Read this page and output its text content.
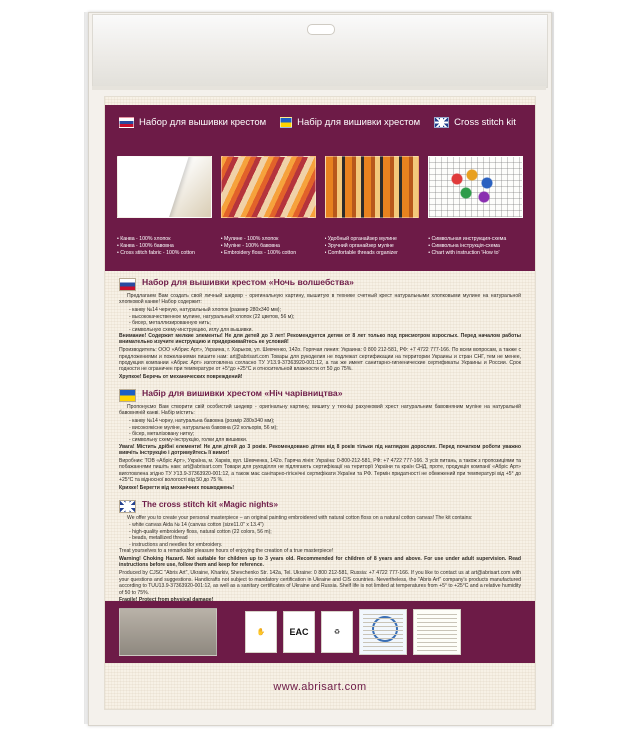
Набор для вышивки крестом	Набір для вишивки хрестом	Cross stitch kit
• Канва - 100% хлопок
• Канва - 100% бавовна
• Cross stitch fabric - 100% cotton
• Мулине - 100% хлопок
• Муліне - 100% бавовна
• Embroidery floss - 100% cotton
• Удобный органайзер мулине
• Зручний органайзер муліне
• Comfortable threads organizer
• Символьная инструкция-схема
• Символьна інструкція-схема
• Chart with instruction 'How to'
Набор для вышивки крестом «Ночь волшебства»

Предлагаем Вам создать свой личный шедевр - оригинальную картину, вышитую в технике счетный крест натуральными хлопковыми мулине на натуральной хлопковой канве! Набор содержит:

- канву №14 черную, натуральный хлопок (размер 280х340 мм);

- высококачественное мулине, натуральный хлопок (22 цветов, 56 м);

- бисер, металлизированную нить;

- символьную схему-инструкцию, иглу для вышивки.

Внимание! Содержит мелкие элементы! Не для детей до 3 лет! Рекомендуется детям от 8 лет только под присмотром взрослых. Перед началом работы внимательно изучите инструкцию и придерживайтесь ее условий!

Производитель: ООО «Абрис Арт», Украина, г. Харьков, ул. Шевченко, 142о. Горячая линия: Украина: 0 800 212-581, РФ: +7 4722 777-166. По всем вопросам, а также с предложениями и пожеланиями пишите нам: art@abrisart.com Товары для рукоделия не подлежат сертификации на территории Украины и стран СНГ, тем не менее, продукция компании «Абрис Арт» изготовлена согласно ТУ У13.9-37363920-001:12, а так же имеет санитарно-гигиенические сертификаты Украины и России. Срок годности не ограничен при температуре от +5°до +25°C и относительной влажности от 50 до 75%.

Хрупкое! Беречь от механических повреждений!

Набір для вишивки хрестом «Ніч чарівництва»

Пропонуємо Вам створити свій особистий шедевр - оригінальну картину, вишиту у техніці рахунковий хрест натуральним бавовняним муліне на натуральній бавовняній канві. Набір містить:

- канву №14 чорну, натуральна бавовна (розмір 280х340 мм);

- високоякісне муліне, натуральна бавовна (22 кольорів, 56 м);

- бісер, металізовану нитку;

- символьну схему-інструкцію, голки для вишивки.

Увага! Містить дрібні елементи! Не для дітей до 3 років. Рекомендовано дітям від 8 років тільки під наглядом дорослих. Перед початком роботи уважно вивчіть інструкцію і дотримуйтесь її вимог!

Виробник: ТОВ «Абріс Арт», Україна, м. Харків, вул. Шевченка, 142о. Гаряча лінія: Україна: 0-800-212-581, РФ: +7 4722 777-166. З усіх питань, а також з пропозиціями та побажаннями пишіть нам: art@abrisart.com Товари для рукоділля не підлягають сертифікації на території України та країн СНД, проте, продукція компанії «Абріс Арт» виготовлена згідно ТУ У13.9-37363920-001:12, а також має санітарно-гігієнічні сертифікати України та РФ. Термін придатності не обмежений при температурі від +5° до +25°C та відносної вологості від 50 до 75 %.

Крихке! Берегти від механічних пошкоджень!

The cross stitch kit «Magic nights»

We offer you to create your personal masterpiece – an original painting embroidered with natural cotton floss on a natural cotton canvas! The kit contains:

- white canvas Aida № 14 (canvas cotton (size11.0" x 13.4")

- high-quality embroidery floss, natural cotton (22 colors, 56 m);

- beads, metallized thread

- instructions and needles for embroidery.

Treat yourselves to a remarkable pleasure hours of enjoying the creation of a true masterpiece!

Warning! Choking Hazard. Not suitable for children up to 3 years old. Recommended for children of 8 years and above. For use under adult supervision. Read instructions before use, follow them and keep for reference.

Produced by CJSC "Abris Art", Ukraine, Kharkiv, Shevchenko Str. 142a, Tel. Ukraine: 0 800 212-581, Russia: +7 4722 777-166. If you like to contact us at art@abrisart.com with your questions and suggestions. Handicrafts not subject to mandatory certification in Ukraine and CIS countries. Nevertheless, the "Abris Art" company's products manufactured according to TUU13.9-37363920-001:12, as well as a sanitary certificates of Ukraine and Russia. Shelf life is not limited at temperatures from +5° to +25°C and a relative humidity of 50 to 75%.

✋	EAC	♻
www.abrisart.com
